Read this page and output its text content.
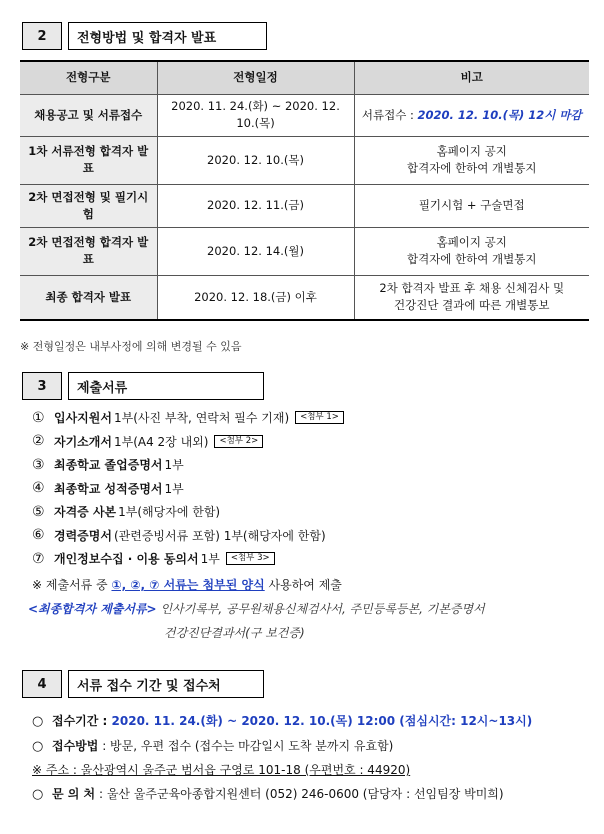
2	전형방법 및 합격자 발표
전형구분	전형일정	비고
채용공고 및 서류접수	2020. 11. 24.(화) ~ 2020. 12. 10.(목)	서류접수 : 2020. 12. 10.(목) 12시 마감
1차 서류전형 합격자 발표	2020. 12. 10.(목)	홈페이지 공지
합격자에 한하여 개별통지

2차 면접전형 및 필기시험	2020. 12. 11.(금)	필기시험 + 구술면접
2차 면접전형 합격자 발표	2020. 12. 14.(월)	홈페이지 공지
합격자에 한하여 개별통지

최종 합격자 발표	2020. 12. 18.(금) 이후	2차 합격자 발표 후 채용 신체검사 및
건강진단 결과에 따른 개별통보
※ 전형일정은 내부사정에 의해 변경될 수 있음
3	제출서류
① 입사지원서 1부(사진 부착, 연락처 필수 기재)	<첨부 1>
② 자기소개서 1부(A4 2장 내외)	<첨부 2>
③ 최종학교 졸업증명서 1부
④ 최종학교 성적증명서 1부
⑤ 자격증 사본 1부(해당자에 한함)
⑥ 경력증명서 (관련증빙서류 포함) 1부(해당자에 한함)
⑦ 개인정보수집 · 이용 동의서 1부	<첨부 3>
※ 제출서류 중 ①, ②, ⑦ 서류는 첨부된 양식 사용하여 제출
<최종합격자 제출서류> 인사기록부, 공무원채용신체검사서, 주민등록등본, 기본증명서
건강진단결과서(구 보건증)
4	서류 접수 기간 및 접수처
○ 접수기간 : 2020. 11. 24.(화) ~ 2020. 12. 10.(목) 12:00 (점심시간: 12시~13시)
○ 접수방법 : 방문, 우편 접수 (접수는 마감일시 도착 분까지 유효함)
※ 주소 : 울산광역시 울주군 범서읍 구영로 101-18 (우편번호 : 44920)
○ 문 의 처 : 울산 울주군육아종합지원센터 (052) 246-0600 (담당자 : 선임팀장 박미희)
